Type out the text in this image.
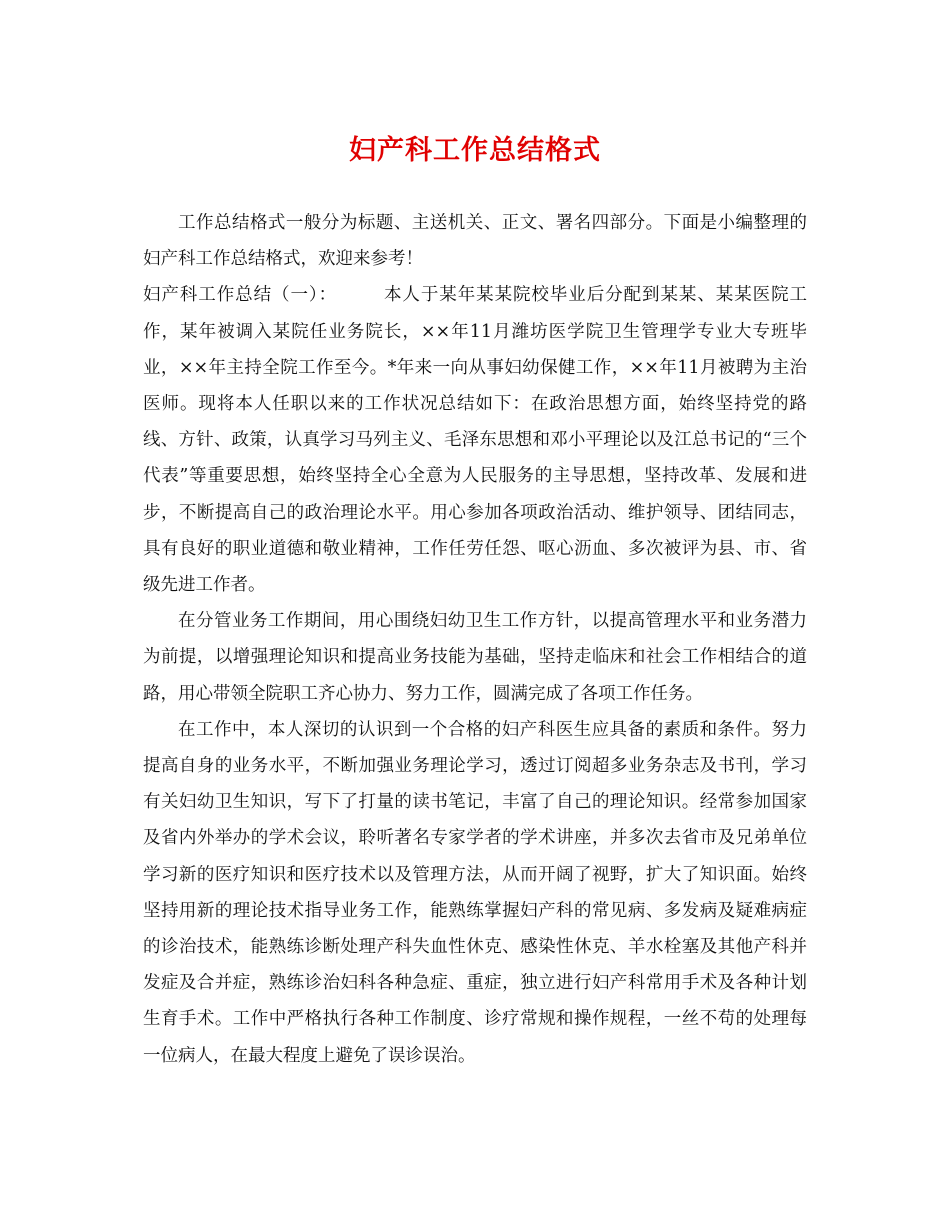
妇产科工作总结格式

工作总结格式一般分为标题、主送机关、正文、署名四部分。下面是小编整理的妇产科工作总结格式，欢迎来参考！

妇产科工作总结（一）：	本人于某年某某院校毕业后分配到某某、某某医院工作，某年被调入某院任业务院长，××年11月潍坊医学院卫生管理学专业大专班毕业，××年主持全院工作至今。*年来一向从事妇幼保健工作，××年11月被聘为主治医师。现将本人任职以来的工作状况总结如下：在政治思想方面，始终坚持党的路线、方针、政策，认真学习马列主义、毛泽东思想和邓小平理论以及江总书记的“三个代表”等重要思想，始终坚持全心全意为人民服务的主导思想，坚持改革、发展和进步，不断提高自己的政治理论水平。用心参加各项政治活动、维护领导、团结同志，具有良好的职业道德和敬业精神，工作任劳任怨、呕心沥血、多次被评为县、市、省级先进工作者。

在分管业务工作期间，用心围绕妇幼卫生工作方针，以提高管理水平和业务潜力为前提，以增强理论知识和提高业务技能为基础，坚持走临床和社会工作相结合的道路，用心带领全院职工齐心协力、努力工作，圆满完成了各项工作任务。

在工作中，本人深切的认识到一个合格的妇产科医生应具备的素质和条件。努力提高自身的业务水平，不断加强业务理论学习，透过订阅超多业务杂志及书刊，学习有关妇幼卫生知识，写下了打量的读书笔记，丰富了自己的理论知识。经常参加国家及省内外举办的学术会议，聆听著名专家学者的学术讲座，并多次去省市及兄弟单位学习新的医疗知识和医疗技术以及管理方法，从而开阔了视野，扩大了知识面。始终坚持用新的理论技术指导业务工作，能熟练掌握妇产科的常见病、多发病及疑难病症的诊治技术，能熟练诊断处理产科失血性休克、感染性休克、羊水栓塞及其他产科并发症及合并症，熟练诊治妇科各种急症、重症，独立进行妇产科常用手术及各种计划生育手术。工作中严格执行各种工作制度、诊疗常规和操作规程，一丝不苟的处理每一位病人，在最大程度上避免了误诊误治。
